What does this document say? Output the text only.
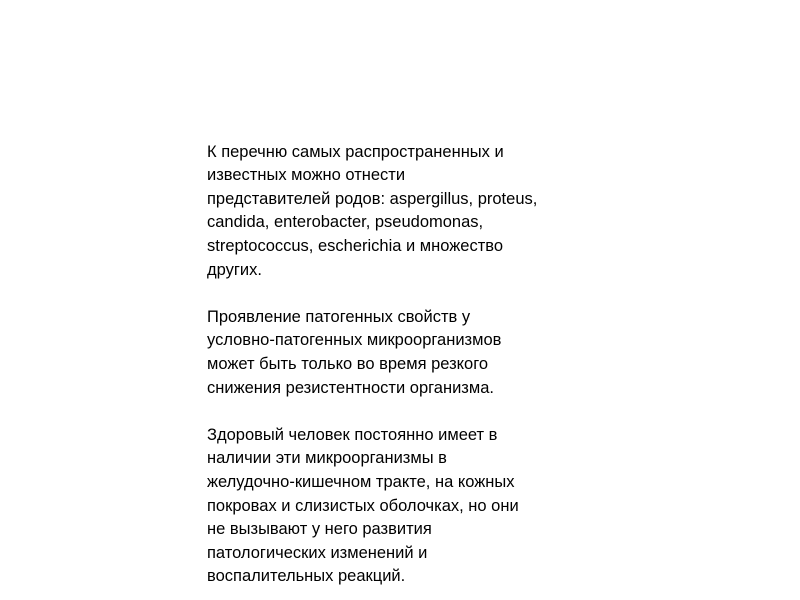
К перечню самых распространенных и
известных можно отнести
представителей родов: aspergillus, proteus,
candida, enterobacter, pseudomonas,
streptococcus, escherichia и множество
других.

Проявление патогенных свойств у
условно-патогенных микроорганизмов
может быть только во время резкого
снижения резистентности организма.

Здоровый человек постоянно имеет в
наличии эти микроорганизмы в
желудочно-кишечном тракте, на кожных
покровах и слизистых оболочках, но они
не вызывают у него развития
патологических изменений и
воспалительных реакций.
